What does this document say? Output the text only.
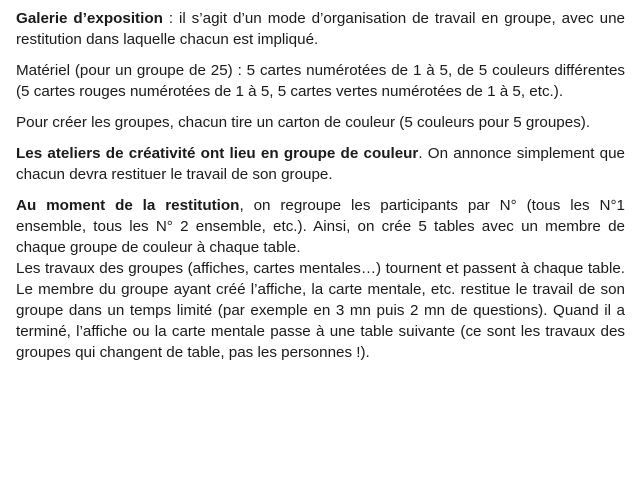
Galerie d’exposition : il s’agit d’un mode d’organisation de travail en groupe, avec une restitution dans laquelle chacun est impliqué.

Matériel (pour un groupe de 25) : 5 cartes numérotées de 1 à 5, de 5 couleurs différentes (5 cartes rouges numérotées de 1 à 5, 5 cartes vertes numérotées de 1 à 5, etc.).

Pour créer les groupes, chacun tire un carton de couleur (5 couleurs pour 5 groupes).

Les ateliers de créativité ont lieu en groupe de couleur. On annonce simplement que chacun devra restituer le travail de son groupe.

Au moment de la restitution, on regroupe les participants par N° (tous les N°1 ensemble, tous les N° 2 ensemble, etc.). Ainsi, on crée 5 tables avec un membre de chaque groupe de couleur à chaque table.
Les travaux des groupes (affiches, cartes mentales…) tournent et passent à chaque table. Le membre du groupe ayant créé l’affiche, la carte mentale, etc. restitue le travail de son groupe dans un temps limité (par exemple en 3 mn puis 2 mn de questions). Quand il a terminé, l’affiche ou la carte mentale passe à une table suivante (ce sont les travaux des groupes qui changent de table, pas les personnes !).
